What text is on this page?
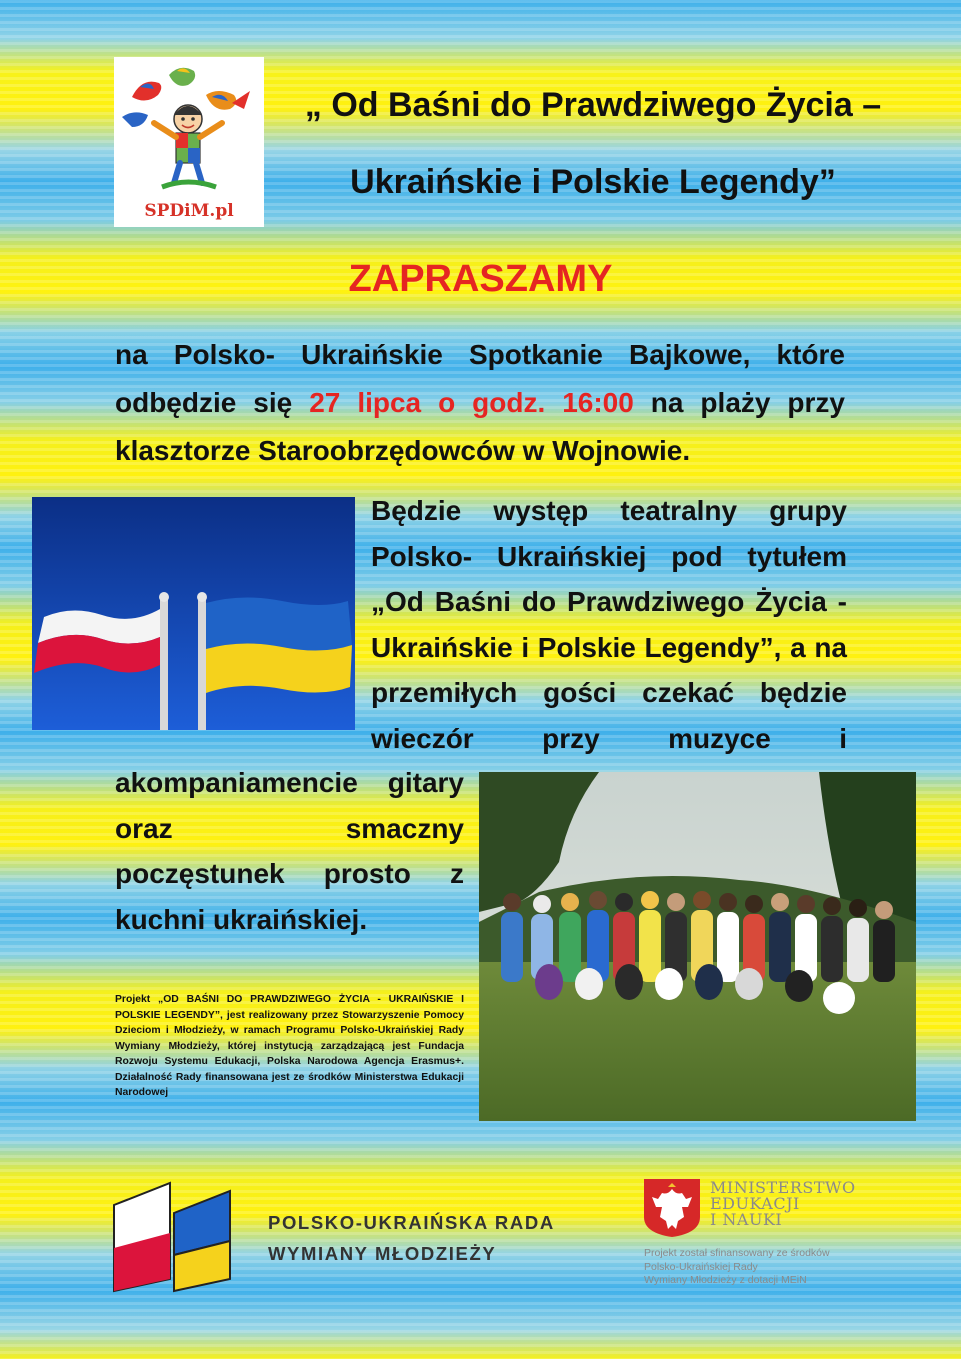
SPDiM.pl
„ Od Baśni do Prawdziwego Życia –
Ukraińskie i Polskie Legendy”
ZAPRASZAMY
na Polsko- Ukraińskie Spotkanie Bajkowe, które odbędzie się 27 lipca o godz. 16:00 na plaży przy klasztorze Staroobrzędowców w Wojnowie.
Będzie występ teatralny grupy
Polsko- Ukraińskiej pod tytułem
„Od Baśni do Prawdziwego Życia -
Ukraińskie i Polskie Legendy”, a na
przemiłych gości czekać będzie
wieczór przy muzyce i
akompaniamencie gitary
oraz smaczny
poczęstunek prosto z
kuchni ukraińskiej.
Projekt „OD BAŚNI DO PRAWDZIWEGO ŻYCIA - UKRAIŃSKIE I POLSKIE LEGENDY”, jest realizowany przez Stowarzyszenie Pomocy Dzieciom i Młodzieży, w ramach Programu Polsko-Ukraińskiej Rady Wymiany Młodzieży, której instytucją zarządzającą jest Fundacja Rozwoju Systemu Edukacji, Polska Narodowa Agencja Erasmus+. Działalność Rady finansowana jest ze środków Ministerstwa Edukacji Narodowej
POLSKO-UKRAIŃSKA RADA
WYMIANY MŁODZIEŻY
MINISTERSTWO
EDUKACJI
I NAUKI
Projekt został sfinansowany ze środków
Polsko-Ukraińskiej Rady
Wymiany Młodzieży z dotacji MEiN
